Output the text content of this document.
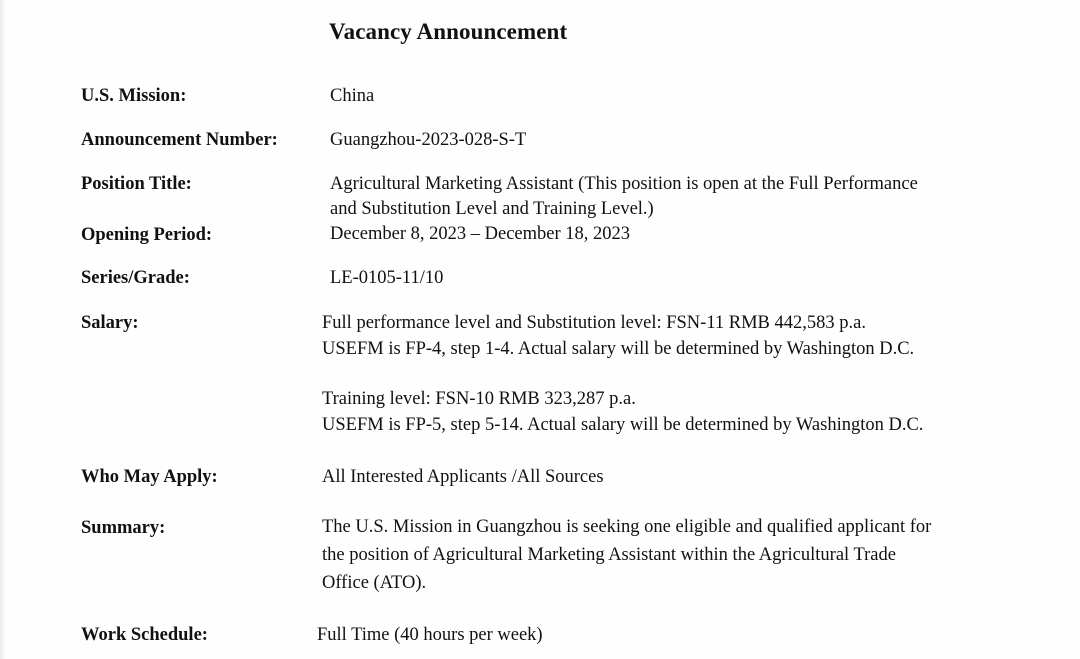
Vacancy Announcement
U.S. Mission:	China
Announcement Number:	Guangzhou-2023-028-S-T
Position Title:	Agricultural Marketing Assistant (This position is open at the Full Performance
and Substitution Level and Training Level.)
Opening Period:	December 8, 2023 – December 18, 2023
Series/Grade:	LE-0105-11/10
Salary:	Full performance level and Substitution level: FSN-11 RMB 442,583 p.a.
USEFM is FP-4, step 1-4. Actual salary will be determined by Washington D.C.
Training level: FSN-10 RMB 323,287 p.a.
USEFM is FP-5, step 5-14. Actual salary will be determined by Washington D.C.
Who May Apply:	All Interested Applicants /All Sources
Summary:	The U.S. Mission in Guangzhou is seeking one eligible and qualified applicant for
the position of Agricultural Marketing Assistant within the Agricultural Trade
Office (ATO).
Work Schedule:	Full Time (40 hours per week)
